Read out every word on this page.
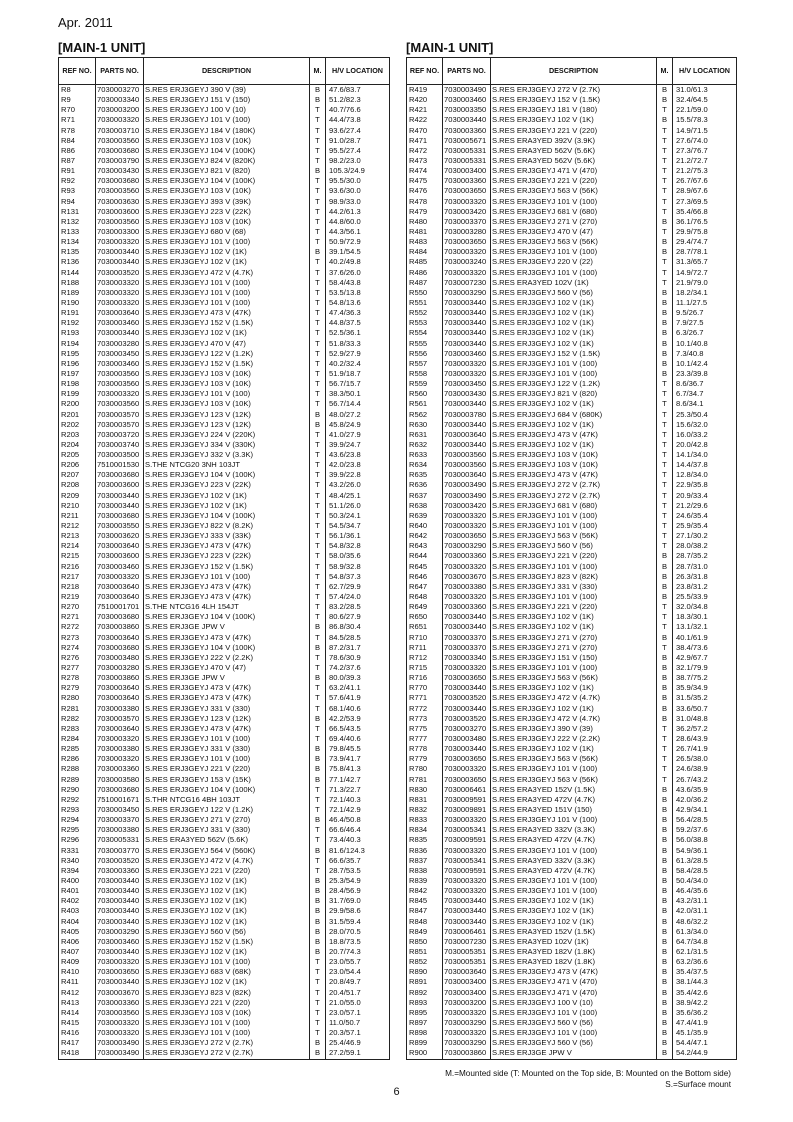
Apr. 2011
[MAIN-1 UNIT]	[MAIN-1 UNIT]
REF NO.	PARTS NO.	DESCRIPTION	M.	H/V LOCATION
R8	7030003270	S.RES ERJ3GEYJ 390 V (39)	B	47.6/83.7
R9	7030003340	S.RES ERJ3GEYJ 151 V (150)	B	51.2/82.3
R70	7030003200	S.RES ERJ3GEYJ 100 V (10)	T	40.7/76.6
R71	7030003320	S.RES ERJ3GEYJ 101 V (100)	T	44.4/73.8
R78	7030003710	S.RES ERJ3GEYJ 184 V (180K)	T	93.6/27.4
R84	7030003560	S.RES ERJ3GEYJ 103 V (10K)	T	91.0/28.7
R86	7030003680	S.RES ERJ3GEYJ 104 V (100K)	T	95.5/27.4
R87	7030003790	S.RES ERJ3GEYJ 824 V (820K)	T	98.2/23.0
R91	7030003430	S.RES ERJ3GEYJ 821 V (820)	B	105.3/24.9
R92	7030003680	S.RES ERJ3GEYJ 104 V (100K)	T	95.5/30.0
R93	7030003560	S.RES ERJ3GEYJ 103 V (10K)	T	93.6/30.0
R94	7030003630	S.RES ERJ3GEYJ 393 V (39K)	T	98.9/33.0
R131	7030003600	S.RES ERJ3GEYJ 223 V (22K)	T	44.2/61.3
R132	7030003560	S.RES ERJ3GEYJ 103 V (10K)	T	44.8/60.0
R133	7030003300	S.RES ERJ3GEYJ 680 V (68)	T	44.3/56.1
R134	7030003320	S.RES ERJ3GEYJ 101 V (100)	T	50.9/72.9
R135	7030003440	S.RES ERJ3GEYJ 102 V (1K)	B	39.1/54.5
R136	7030003440	S.RES ERJ3GEYJ 102 V (1K)	T	40.2/49.8
R144	7030003520	S.RES ERJ3GEYJ 472 V (4.7K)	T	37.6/26.0
R188	7030003320	S.RES ERJ3GEYJ 101 V (100)	T	58.4/43.8
R189	7030003320	S.RES ERJ3GEYJ 101 V (100)	T	53.5/13.8
R190	7030003320	S.RES ERJ3GEYJ 101 V (100)	T	54.8/13.6
R191	7030003640	S.RES ERJ3GEYJ 473 V (47K)	T	47.4/36.3
R192	7030003460	S.RES ERJ3GEYJ 152 V (1.5K)	T	44.8/37.5
R193	7030003440	S.RES ERJ3GEYJ 102 V (1K)	T	52.5/36.1
R194	7030003280	S.RES ERJ3GEYJ 470 V (47)	T	51.8/33.3
R195	7030003450	S.RES ERJ3GEYJ 122 V (1.2K)	T	52.9/27.9
R196	7030003460	S.RES ERJ3GEYJ 152 V (1.5K)	T	40.2/32.4
R197	7030003560	S.RES ERJ3GEYJ 103 V (10K)	T	51.9/18.7
R198	7030003560	S.RES ERJ3GEYJ 103 V (10K)	T	56.7/15.7
R199	7030003320	S.RES ERJ3GEYJ 101 V (100)	T	38.3/50.1
R200	7030003560	S.RES ERJ3GEYJ 103 V (10K)	T	56.7/14.4
R201	7030003570	S.RES ERJ3GEYJ 123 V (12K)	B	48.0/27.2
R202	7030003570	S.RES ERJ3GEYJ 123 V (12K)	B	45.8/24.9
R203	7030003720	S.RES ERJ3GEYJ 224 V (220K)	T	41.0/27.9
R204	7030003740	S.RES ERJ3GEYJ 334 V (330K)	T	39.9/24.7
R205	7030003500	S.RES ERJ3GEYJ 332 V (3.3K)	T	43.6/23.8
R206	7510001530	S.THE NTCG20 3NH 103JT	T	42.0/23.8
R207	7030003680	S.RES ERJ3GEYJ 104 V (100K)	T	39.9/22.8
R208	7030003600	S.RES ERJ3GEYJ 223 V (22K)	T	43.2/26.0
R209	7030003440	S.RES ERJ3GEYJ 102 V (1K)	T	48.4/25.1
R210	7030003440	S.RES ERJ3GEYJ 102 V (1K)	T	51.1/26.0
R211	7030003680	S.RES ERJ3GEYJ 104 V (100K)	T	50.3/24.1
R212	7030003550	S.RES ERJ3GEYJ 822 V (8.2K)	T	54.5/34.7
R213	7030003620	S.RES ERJ3GEYJ 333 V (33K)	T	56.1/36.1
R214	7030003640	S.RES ERJ3GEYJ 473 V (47K)	T	54.8/32.8
R215	7030003600	S.RES ERJ3GEYJ 223 V (22K)	T	58.0/35.6
R216	7030003460	S.RES ERJ3GEYJ 152 V (1.5K)	T	58.9/32.8
R217	7030003320	S.RES ERJ3GEYJ 101 V (100)	T	54.8/37.3
R218	7030003640	S.RES ERJ3GEYJ 473 V (47K)	T	62.7/29.9
R219	7030003640	S.RES ERJ3GEYJ 473 V (47K)	T	57.4/24.0
R270	7510001701	S.THE NTCG16 4LH 154JT	T	83.2/28.5
R271	7030003680	S.RES ERJ3GEYJ 104 V (100K)	T	80.6/27.9
R272	7030003860	S.RES ERJ3GE JPW V	B	86.8/30.4
R273	7030003640	S.RES ERJ3GEYJ 473 V (47K)	T	84.5/28.5
R274	7030003680	S.RES ERJ3GEYJ 104 V (100K)	B	87.2/31.7
R276	7030003480	S.RES ERJ3GEYJ 222 V (2.2K)	T	78.6/30.9
R277	7030003280	S.RES ERJ3GEYJ 470 V (47)	T	74.2/37.6
R278	7030003860	S.RES ERJ3GE JPW V	B	80.0/39.3
R279	7030003640	S.RES ERJ3GEYJ 473 V (47K)	T	63.2/41.1
R280	7030003640	S.RES ERJ3GEYJ 473 V (47K)	T	57.6/41.9
R281	7030003380	S.RES ERJ3GEYJ 331 V (330)	T	68.1/40.6
R282	7030003570	S.RES ERJ3GEYJ 123 V (12K)	B	42.2/53.9
R283	7030003640	S.RES ERJ3GEYJ 473 V (47K)	T	66.5/43.5
R284	7030003320	S.RES ERJ3GEYJ 101 V (100)	T	69.4/40.6
R285	7030003380	S.RES ERJ3GEYJ 331 V (330)	B	79.8/45.5
R286	7030003320	S.RES ERJ3GEYJ 101 V (100)	B	73.9/41.7
R288	7030003360	S.RES ERJ3GEYJ 221 V (220)	B	75.8/41.3
R289	7030003580	S.RES ERJ3GEYJ 153 V (15K)	B	77.1/42.7
R290	7030003680	S.RES ERJ3GEYJ 104 V (100K)	T	71.3/22.7
R292	7510001671	S.THR NTCG16 4BH 103JT	T	72.1/40.3
R293	7030003450	S.RES ERJ3GEYJ 122 V (1.2K)	T	72.1/42.9
R294	7030003370	S.RES ERJ3GEYJ 271 V (270)	B	46.4/50.8
R295	7030003380	S.RES ERJ3GEYJ 331 V (330)	T	66.6/46.4
R296	7030005331	S.RES ERA3YED 562V (5.6K)	T	73.4/40.3
R331	7030003770	S.RES ERJ3GEYJ 564 V (560K)	B	81.6/124.3
R340	7030003520	S.RES ERJ3GEYJ 472 V (4.7K)	T	66.6/35.7
R394	7030003360	S.RES ERJ3GEYJ 221 V (220)	T	28.7/53.5
R400	7030003440	S.RES ERJ3GEYJ 102 V (1K)	B	25.3/54.9
R401	7030003440	S.RES ERJ3GEYJ 102 V (1K)	B	28.4/56.9
R402	7030003440	S.RES ERJ3GEYJ 102 V (1K)	B	31.7/69.0
R403	7030003440	S.RES ERJ3GEYJ 102 V (1K)	B	29.9/58.6
R404	7030003440	S.RES ERJ3GEYJ 102 V (1K)	B	31.5/59.4
R405	7030003290	S.RES ERJ3GEYJ 560 V (56)	B	28.0/70.5
R406	7030003460	S.RES ERJ3GEYJ 152 V (1.5K)	B	18.8/73.5
R407	7030003440	S.RES ERJ3GEYJ 102 V (1K)	B	20.7/74.3
R409	7030003320	S.RES ERJ3GEYJ 101 V (100)	T	23.0/55.7
R410	7030003650	S.RES ERJ3GEYJ 683 V (68K)	T	23.0/54.4
R411	7030003440	S.RES ERJ3GEYJ 102 V (1K)	T	20.8/49.7
R412	7030003670	S.RES ERJ3GEYJ 823 V (82K)	T	20.4/51.7
R413	7030003360	S.RES ERJ3GEYJ 221 V (220)	T	21.0/55.0
R414	7030003560	S.RES ERJ3GEYJ 103 V (10K)	T	23.0/57.1
R415	7030003320	S.RES ERJ3GEYJ 101 V (100)	T	11.0/50.7
R416	7030003320	S.RES ERJ3GEYJ 101 V (100)	T	20.3/57.1
R417	7030003490	S.RES ERJ3GEYJ 272 V (2.7K)	B	25.4/46.9
R418	7030003490	S.RES ERJ3GEYJ 272 V (2.7K)	B	27.2/59.1
REF NO.	PARTS NO.	DESCRIPTION	M.	H/V LOCATION
R419	7030003490	S.RES ERJ3GEYJ 272 V (2.7K)	B	31.0/61.3
R420	7030003460	S.RES ERJ3GEYJ 152 V (1.5K)	B	32.4/64.5
R421	7030003350	S.RES ERJ3GEYJ 181 V (180)	T	22.1/59.0
R422	7030003440	S.RES ERJ3GEYJ 102 V (1K)	B	15.5/78.3
R470	7030003360	S.RES ERJ3GEYJ 221 V (220)	T	14.9/71.5
R471	7030005671	S.RES ERA3YED 392V (3.9K)	T	27.6/74.0
R472	7030005331	S.RES ERA3YED 562V (5.6K)	T	27.3/76.7
R473	7030005331	S.RES ERA3YED 562V (5.6K)	T	21.2/72.7
R474	7030003400	S.RES ERJ3GEYJ 471 V (470)	T	21.2/75.3
R475	7030003360	S.RES ERJ3GEYJ 221 V (220)	T	26.7/67.6
R476	7030003650	S.RES ERJ3GEYJ 563 V (56K)	T	28.9/67.6
R478	7030003320	S.RES ERJ3GEYJ 101 V (100)	T	27.3/69.5
R479	7030003420	S.RES ERJ3GEYJ 681 V (680)	T	35.4/66.8
R480	7030003370	S.RES ERJ3GEYJ 271 V (270)	B	36.1/76.5
R481	7030003280	S.RES ERJ3GEYJ 470 V (47)	T	29.9/75.8
R483	7030003650	S.RES ERJ3GEYJ 563 V (56K)	B	29.4/74.7
R484	7030003320	S.RES ERJ3GEYJ 101 V (100)	B	28.7/78.1
R485	7030003240	S.RES ERJ3GEYJ 220 V (22)	T	31.3/65.7
R486	7030003320	S.RES ERJ3GEYJ 101 V (100)	T	14.9/72.7
R487	7030007230	S.RES ERA3YED 102V (1K)	T	21.9/79.0
R550	7030003290	S.RES ERJ3GEYJ 560 V (56)	B	18.2/34.1
R551	7030003440	S.RES ERJ3GEYJ 102 V (1K)	B	11.1/27.5
R552	7030003440	S.RES ERJ3GEYJ 102 V (1K)	B	9.5/26.7
R553	7030003440	S.RES ERJ3GEYJ 102 V (1K)	B	7.9/27.5
R554	7030003440	S.RES ERJ3GEYJ 102 V (1K)	B	6.3/26.7
R555	7030003440	S.RES ERJ3GEYJ 102 V (1K)	B	10.1/40.8
R556	7030003460	S.RES ERJ3GEYJ 152 V (1.5K)	B	7.3/40.8
R557	7030003320	S.RES ERJ3GEYJ 101 V (100)	B	10.1/42.4
R558	7030003320	S.RES ERJ3GEYJ 101 V (100)	B	23.3/39.8
R559	7030003450	S.RES ERJ3GEYJ 122 V (1.2K)	T	8.6/36.7
R560	7030003430	S.RES ERJ3GEYJ 821 V (820)	T	6.7/34.7
R561	7030003440	S.RES ERJ3GEYJ 102 V (1K)	T	8.6/34.1
R562	7030003780	S.RES ERJ3GEYJ 684 V (680K)	T	25.3/50.4
R630	7030003440	S.RES ERJ3GEYJ 102 V (1K)	T	15.6/32.0
R631	7030003640	S.RES ERJ3GEYJ 473 V (47K)	T	16.0/33.2
R632	7030003440	S.RES ERJ3GEYJ 102 V (1K)	T	20.0/42.8
R633	7030003560	S.RES ERJ3GEYJ 103 V (10K)	T	14.1/34.0
R634	7030003560	S.RES ERJ3GEYJ 103 V (10K)	T	14.4/37.8
R635	7030003640	S.RES ERJ3GEYJ 473 V (47K)	T	12.8/34.0
R636	7030003490	S.RES ERJ3GEYJ 272 V (2.7K)	T	22.9/35.8
R637	7030003490	S.RES ERJ3GEYJ 272 V (2.7K)	T	20.9/33.4
R638	7030003420	S.RES ERJ3GEYJ 681 V (680)	T	21.2/29.6
R639	7030003320	S.RES ERJ3GEYJ 101 V (100)	T	24.6/35.4
R640	7030003320	S.RES ERJ3GEYJ 101 V (100)	T	25.9/35.4
R642	7030003650	S.RES ERJ3GEYJ 563 V (56K)	T	27.1/30.2
R643	7030003290	S.RES ERJ3GEYJ 560 V (56)	T	28.0/38.2
R644	7030003360	S.RES ERJ3GEYJ 221 V (220)	B	28.7/35.2
R645	7030003320	S.RES ERJ3GEYJ 101 V (100)	B	28.7/31.0
R646	7030003670	S.RES ERJ3GEYJ 823 V (82K)	B	26.3/31.8
R647	7030003380	S.RES ERJ3GEYJ 331 V (330)	B	23.8/31.2
R648	7030003320	S.RES ERJ3GEYJ 101 V (100)	B	25.5/33.9
R649	7030003360	S.RES ERJ3GEYJ 221 V (220)	T	32.0/34.8
R650	7030003440	S.RES ERJ3GEYJ 102 V (1K)	T	18.3/30.1
R651	7030003440	S.RES ERJ3GEYJ 102 V (1K)	T	13.1/32.1
R710	7030003370	S.RES ERJ3GEYJ 271 V (270)	B	40.1/61.9
R711	7030003370	S.RES ERJ3GEYJ 271 V (270)	T	38.4/73.6
R712	7030003340	S.RES ERJ3GEYJ 151 V (150)	B	42.9/67.7
R715	7030003320	S.RES ERJ3GEYJ 101 V (100)	B	32.1/79.9
R716	7030003650	S.RES ERJ3GEYJ 563 V (56K)	B	38.7/75.2
R770	7030003440	S.RES ERJ3GEYJ 102 V (1K)	B	35.9/34.9
R771	7030003520	S.RES ERJ3GEYJ 472 V (4.7K)	B	31.5/35.2
R772	7030003440	S.RES ERJ3GEYJ 102 V (1K)	B	33.6/50.7
R773	7030003520	S.RES ERJ3GEYJ 472 V (4.7K)	B	31.0/48.8
R775	7030003270	S.RES ERJ3GEYJ 390 V (39)	T	36.2/57.2
R777	7030003480	S.RES ERJ3GEYJ 222 V (2.2K)	T	28.6/43.9
R778	7030003440	S.RES ERJ3GEYJ 102 V (1K)	T	26.7/41.9
R779	7030003650	S.RES ERJ3GEYJ 563 V (56K)	T	26.5/38.0
R780	7030003320	S.RES ERJ3GEYJ 101 V (100)	T	24.6/38.9
R781	7030003650	S.RES ERJ3GEYJ 563 V (56K)	T	26.7/43.2
R830	7030006461	S.RES ERA3YED 152V (1.5K)	B	43.6/35.9
R831	7030009591	S.RES ERA3YED 472V (4.7K)	B	42.0/36.2
R832	7030009891	S.RES ERA3YED 151V (150)	B	42.9/34.1
R833	7030003320	S.RES ERJ3GEYJ 101 V (100)	B	56.4/28.5
R834	7030005341	S.RES ERA3YED 332V (3.3K)	B	59.2/37.6
R835	7030009591	S.RES ERA3YED 472V (4.7K)	B	56.0/38.8
R836	7030003320	S.RES ERJ3GEYJ 101 V (100)	B	54.9/36.1
R837	7030005341	S.RES ERA3YED 332V (3.3K)	B	61.3/28.5
R838	7030009591	S.RES ERA3YED 472V (4.7K)	B	58.4/28.5
R839	7030003320	S.RES ERJ3GEYJ 101 V (100)	B	50.4/34.0
R842	7030003320	S.RES ERJ3GEYJ 101 V (100)	B	46.4/35.6
R845	7030003440	S.RES ERJ3GEYJ 102 V (1K)	B	43.2/31.1
R847	7030003440	S.RES ERJ3GEYJ 102 V (1K)	B	42.0/31.1
R848	7030003440	S.RES ERJ3GEYJ 102 V (1K)	B	48.6/32.2
R849	7030006461	S.RES ERA3YED 152V (1.5K)	B	61.3/34.0
R850	7030007230	S.RES ERA3YED 102V (1K)	B	64.7/34.8
R851	7030005351	S.RES ERA3YED 182V (1.8K)	B	62.1/31.5
R852	7030005351	S.RES ERA3YED 182V (1.8K)	B	63.2/36.6
R890	7030003640	S.RES ERJ3GEYJ 473 V (47K)	B	35.4/37.5
R891	7030003400	S.RES ERJ3GEYJ 471 V (470)	B	38.1/44.3
R892	7030003400	S.RES ERJ3GEYJ 471 V (470)	B	35.4/42.6
R893	7030003200	S.RES ERJ3GEYJ 100 V (10)	B	38.9/42.2
R895	7030003320	S.RES ERJ3GEYJ 101 V (100)	B	35.6/36.2
R897	7030003290	S.RES ERJ3GEYJ 560 V (56)	B	47.4/41.9
R898	7030003320	S.RES ERJ3GEYJ 101 V (100)	B	45.1/35.9
R899	7030003290	S.RES ERJ3GEYJ 560 V (56)	B	54.4/47.1
R900	7030003860	S.RES ERJ3GE JPW V	B	54.2/44.9
M.=Mounted side (T: Mounted on the Top side, B: Mounted on the Bottom side)
S.=Surface mount
6
